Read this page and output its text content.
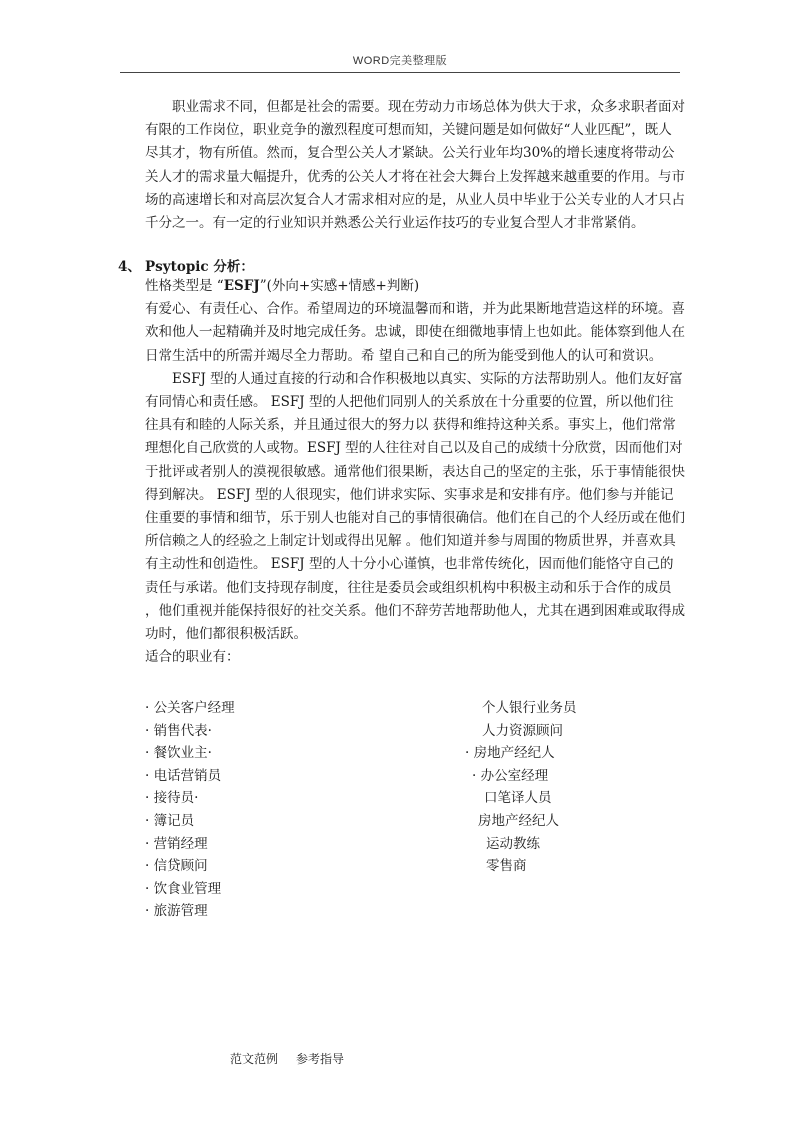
WORD完美整理版

职业需求不同，但都是社会的需要。现在劳动力市场总体为供大于求，众多求职者面对有限的工作岗位，职业竞争的激烈程度可想而知，关键问题是如何做好“人业匹配”，既人尽其才，物有所值。然而，复合型公关人才紧缺。公关行业年均30%的增长速度将带动公关人才的需求量大幅提升，优秀的公关人才将在社会大舞台上发挥越来越重要的作用。与市场的高速增长和对高层次复合人才需求相对应的是，从业人员中毕业于公关专业的人才只占千分之一。有一定的行业知识并熟悉公关行业运作技巧的专业复合型人才非常紧俏。

4、 Psytopic 分析：

性格类型是 “ESFJ”(外向+实感+情感+判断)

有爱心、有责任心、合作。希望周边的环境温馨而和谐，并为此果断地营造这样的环境。喜欢和他人一起精确并及时地完成任务。忠诚，即使在细微地事情上也如此。能体察到他人在日常生活中的所需并竭尽全力帮助。希 望自己和自己的所为能受到他人的认可和赏识。

ESFJ 型的人通过直接的行动和合作积极地以真实、实际的方法帮助别人。他们友好富有同情心和责任感。 ESFJ 型的人把他们同别人的关系放在十分重要的位置，所以他们往往具有和睦的人际关系，并且通过很大的努力以 获得和维持这种关系。事实上，他们常常理想化自己欣赏的人或物。ESFJ 型的人往往对自己以及自己的成绩十分欣赏，因而他们对于批评或者别人的漠视很敏感。通常他们很果断，表达自己的坚定的主张，乐于事情能很快 得到解决。 ESFJ 型的人很现实，他们讲求实际、实事求是和安排有序。他们参与并能记住重要的事情和细节，乐于别人也能对自己的事情很确信。他们在自己的个人经历或在他们所信赖之人的经验之上制定计划或得出见解 。他们知道并参与周围的物质世界，并喜欢具有主动性和创造性。 ESFJ 型的人十分小心谨慎，也非常传统化，因而他们能恪守自己的责任与承诺。他们支持现存制度，往往是委员会或组织机构中积极主动和乐于合作的成员 ，他们重视并能保持很好的社交关系。他们不辞劳苦地帮助他人，尤其在遇到困难或取得成功时，他们都很积极活跃。

适合的职业有：

· 公关客户经理
· 销售代表·
· 餐饮业主·
· 电话营销员
· 接待员·
· 簿记员
· 营销经理
· 信贷顾问
· 饮食业管理
· 旅游管理
个人银行业务员
人力资源顾问
· 房地产经纪人
· 办公室经理
口笔译人员
房地产经纪人
运动教练
零售商
范文范例 参考指导
